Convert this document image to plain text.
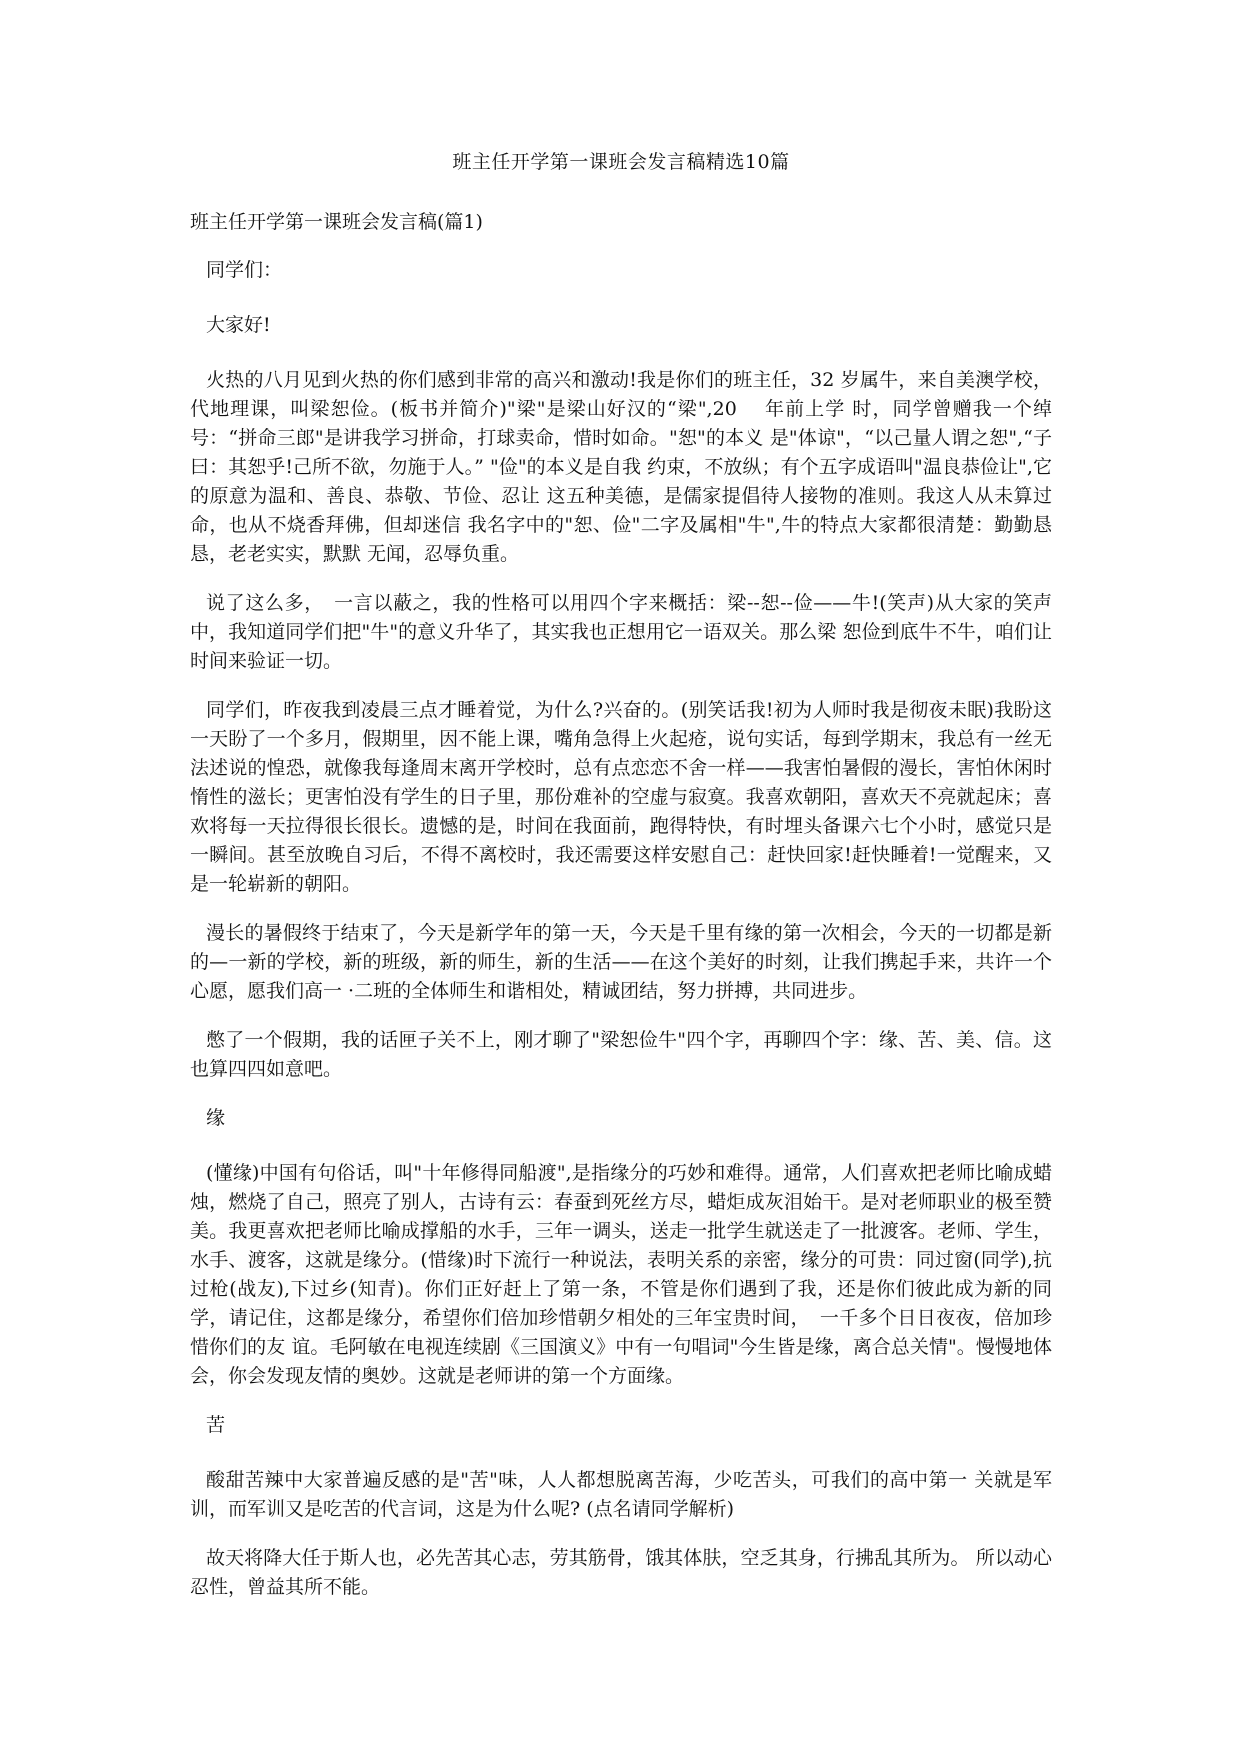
班主任开学第一课班会发言稿精选10篇
班主任开学第一课班会发言稿(篇1)

同学们：

大家好!

火热的八月见到火热的你们感到非常的高兴和激动!我是你们的班主任，32 岁属牛，来自美澳学校，代地理课，叫梁恕俭。(板书并简介)"梁"是梁山好汉的“梁",20　 年前上学 时，同学曾赠我一个绰号：“拼命三郎"是讲我学习拼命，打球卖命，惜时如命。"恕"的本义 是"体谅"，“以己量人谓之恕",“子曰：其恕乎!己所不欲，勿施于人。” "俭"的本义是自我 约束，不放纵；有个五字成语叫"温良恭俭让",它的原意为温和、善良、恭敬、节俭、忍让 这五种美德，是儒家提倡待人接物的准则。我这人从未算过命，也从不烧香拜佛，但却迷信 我名字中的"恕、俭"二字及属相"牛",牛的特点大家都很清楚：勤勤恳恳，老老实实，默默 无闻，忍辱负重。

说了这么多，　一言以蔽之，我的性格可以用四个字来概括：梁--恕--俭——牛!(笑声)从大家的笑声中，我知道同学们把"牛"的意义升华了，其实我也正想用它一语双关。那么梁 恕俭到底牛不牛，咱们让时间来验证一切。

同学们，昨夜我到凌晨三点才睡着觉，为什么?兴奋的。(别笑话我!初为人师时我是彻夜未眠)我盼这一天盼了一个多月，假期里，因不能上课，嘴角急得上火起疮，说句实话，每到学期末，我总有一丝无法述说的惶恐，就像我每逢周末离开学校时，总有点恋恋不舍一样——我害怕暑假的漫长，害怕休闲时惰性的滋长；更害怕没有学生的日子里，那份难补的空虚与寂寞。我喜欢朝阳，喜欢天不亮就起床；喜欢将每一天拉得很长很长。遗憾的是，时间在我面前，跑得特快，有时埋头备课六七个小时，感觉只是一瞬间。甚至放晚自习后，不得不离校时，我还需要这样安慰自己：赶快回家!赶快睡着!一觉醒来，又是一轮崭新的朝阳。

漫长的暑假终于结束了，今天是新学年的第一天，今天是千里有缘的第一次相会，今天的一切都是新的—一新的学校，新的班级，新的师生，新的生活——在这个美好的时刻，让我们携起手来，共许一个心愿，愿我们高一 ·二班的全体师生和谐相处，精诚团结，努力拼搏，共同进步。

憋了一个假期，我的话匣子关不上，刚才聊了"梁恕俭牛"四个字，再聊四个字：缘、苦、美、信。这也算四四如意吧。

缘

(懂缘)中国有句俗话，叫"十年修得同船渡",是指缘分的巧妙和难得。通常，人们喜欢把老师比喻成蜡烛，燃烧了自己，照亮了别人，古诗有云：春蚕到死丝方尽，蜡炬成灰泪始干。是对老师职业的极至赞美。我更喜欢把老师比喻成撑船的水手，三年一调头，送走一批学生就送走了一批渡客。老师、学生，水手、渡客，这就是缘分。(惜缘)时下流行一种说法，表明关系的亲密，缘分的可贵：同过窗(同学),抗过枪(战友),下过乡(知青)。你们正好赶上了第一条，不管是你们遇到了我，还是你们彼此成为新的同学，请记住，这都是缘分，希望你们倍加珍惜朝夕相处的三年宝贵时间，　一千多个日日夜夜，倍加珍惜你们的友 谊。毛阿敏在电视连续剧《三国演义》中有一句唱词"今生皆是缘，离合总关情"。慢慢地体 会，你会发现友情的奥妙。这就是老师讲的第一个方面缘。

苦

酸甜苦辣中大家普遍反感的是"苦"味，人人都想脱离苦海，少吃苦头，可我们的高中第一 关就是军训，而军训又是吃苦的代言词，这是为什么呢? (点名请同学解析)

故天将降大任于斯人也，必先苦其心志，劳其筋骨，饿其体肤，空乏其身，行拂乱其所为。 所以动心忍性，曾益其所不能。
